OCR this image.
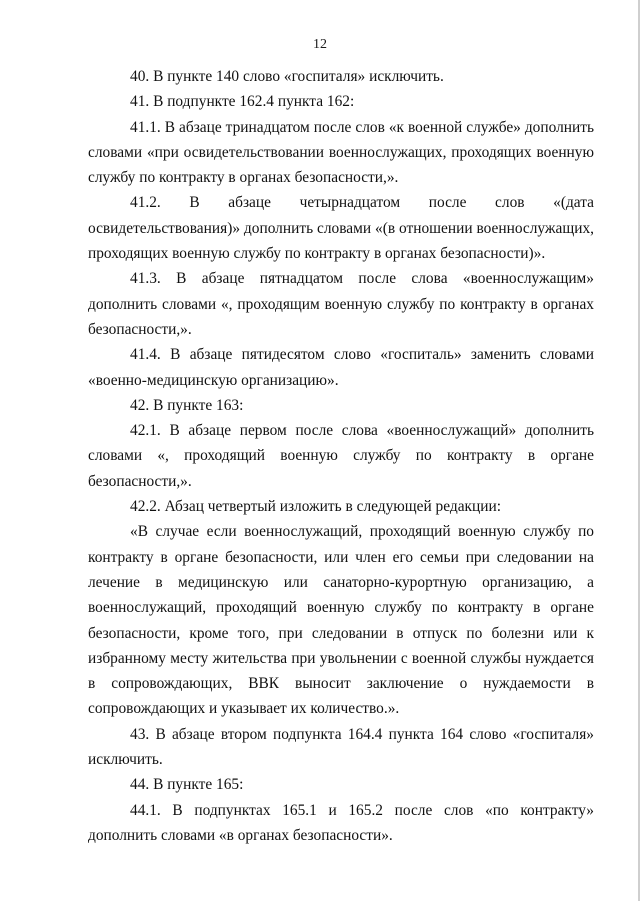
12

40. В пункте 140 слово «госпиталя» исключить.

41. В подпункте 162.4 пункта 162:

41.1. В абзаце тринадцатом после слов «к военной службе» дополнить словами «при освидетельствовании военнослужащих, проходящих военную службу по контракту в органах безопасности,».

41.2. В абзаце четырнадцатом после слов «(дата освидетельствования)» дополнить словами «(в отношении военнослужащих, проходящих военную службу по контракту в органах безопасности)».

41.3. В абзаце пятнадцатом после слова «военнослужащим» дополнить словами «, проходящим военную службу по контракту в органах безопасности,».

41.4. В абзаце пятидесятом слово «госпиталь» заменить словами «военно-медицинскую организацию».

42. В пункте 163:

42.1. В абзаце первом после слова «военнослужащий» дополнить словами «, проходящий военную службу по контракту в органе безопасности,».

42.2. Абзац четвертый изложить в следующей редакции:

«В случае если военнослужащий, проходящий военную службу по контракту в органе безопасности, или член его семьи при следовании на лечение в медицинскую или санаторно-курортную организацию, а военнослужащий, проходящий военную службу по контракту в органе безопасности, кроме того, при следовании в отпуск по болезни или к избранному месту жительства при увольнении с военной службы нуждается в сопровождающих, ВВК выносит заключение о нуждаемости в сопровождающих и указывает их количество.».

43. В абзаце втором подпункта 164.4 пункта 164 слово «госпиталя» исключить.

44. В пункте 165:

44.1. В подпунктах 165.1 и 165.2 после слов «по контракту» дополнить словами «в органах безопасности».
